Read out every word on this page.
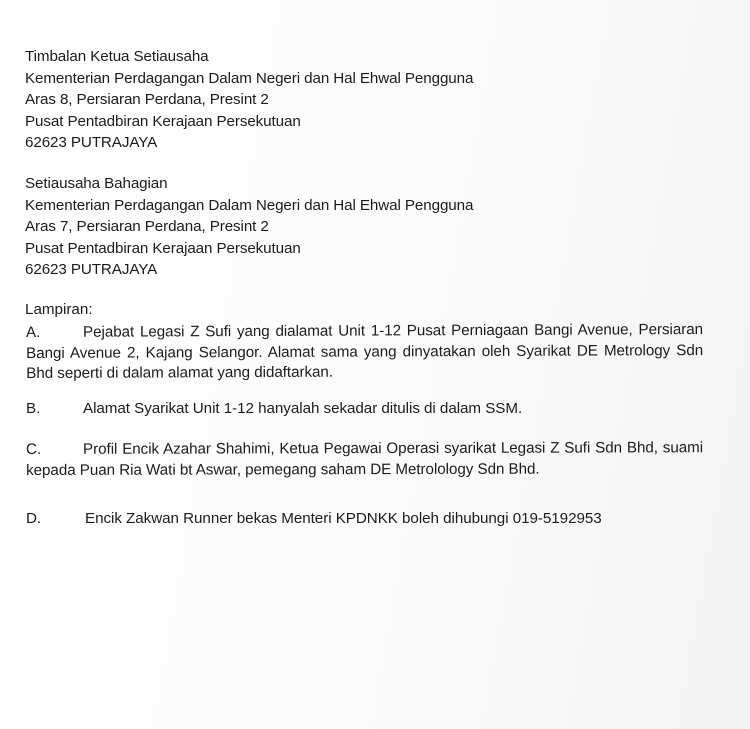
Timbalan Ketua Setiausaha
Kementerian Perdagangan Dalam Negeri dan Hal Ehwal Pengguna
Aras 8, Persiaran Perdana, Presint 2
Pusat Pentadbiran Kerajaan Persekutuan
62623 PUTRAJAYA
Setiausaha Bahagian
Kementerian Perdagangan Dalam Negeri dan Hal Ehwal Pengguna
Aras 7, Persiaran Perdana, Presint 2
Pusat Pentadbiran Kerajaan Persekutuan
62623 PUTRAJAYA
Lampiran:
A.	Pejabat Legasi Z Sufi yang dialamat Unit 1-12 Pusat Perniagaan Bangi Avenue, Persiaran Bangi Avenue 2, Kajang Selangor. Alamat sama yang dinyatakan oleh Syarikat DE Metrology Sdn Bhd seperti di dalam alamat yang didaftarkan.
B.	Alamat Syarikat Unit 1-12 hanyalah sekadar ditulis di dalam SSM.
C.	Profil Encik Azahar Shahimi, Ketua Pegawai Operasi syarikat Legasi Z Sufi Sdn Bhd, suami kepada Puan Ria Wati bt Aswar, pemegang saham DE Metrolology Sdn Bhd.
D.	Encik Zakwan Runner bekas Menteri KPDNKK boleh dihubungi 019-5192953
